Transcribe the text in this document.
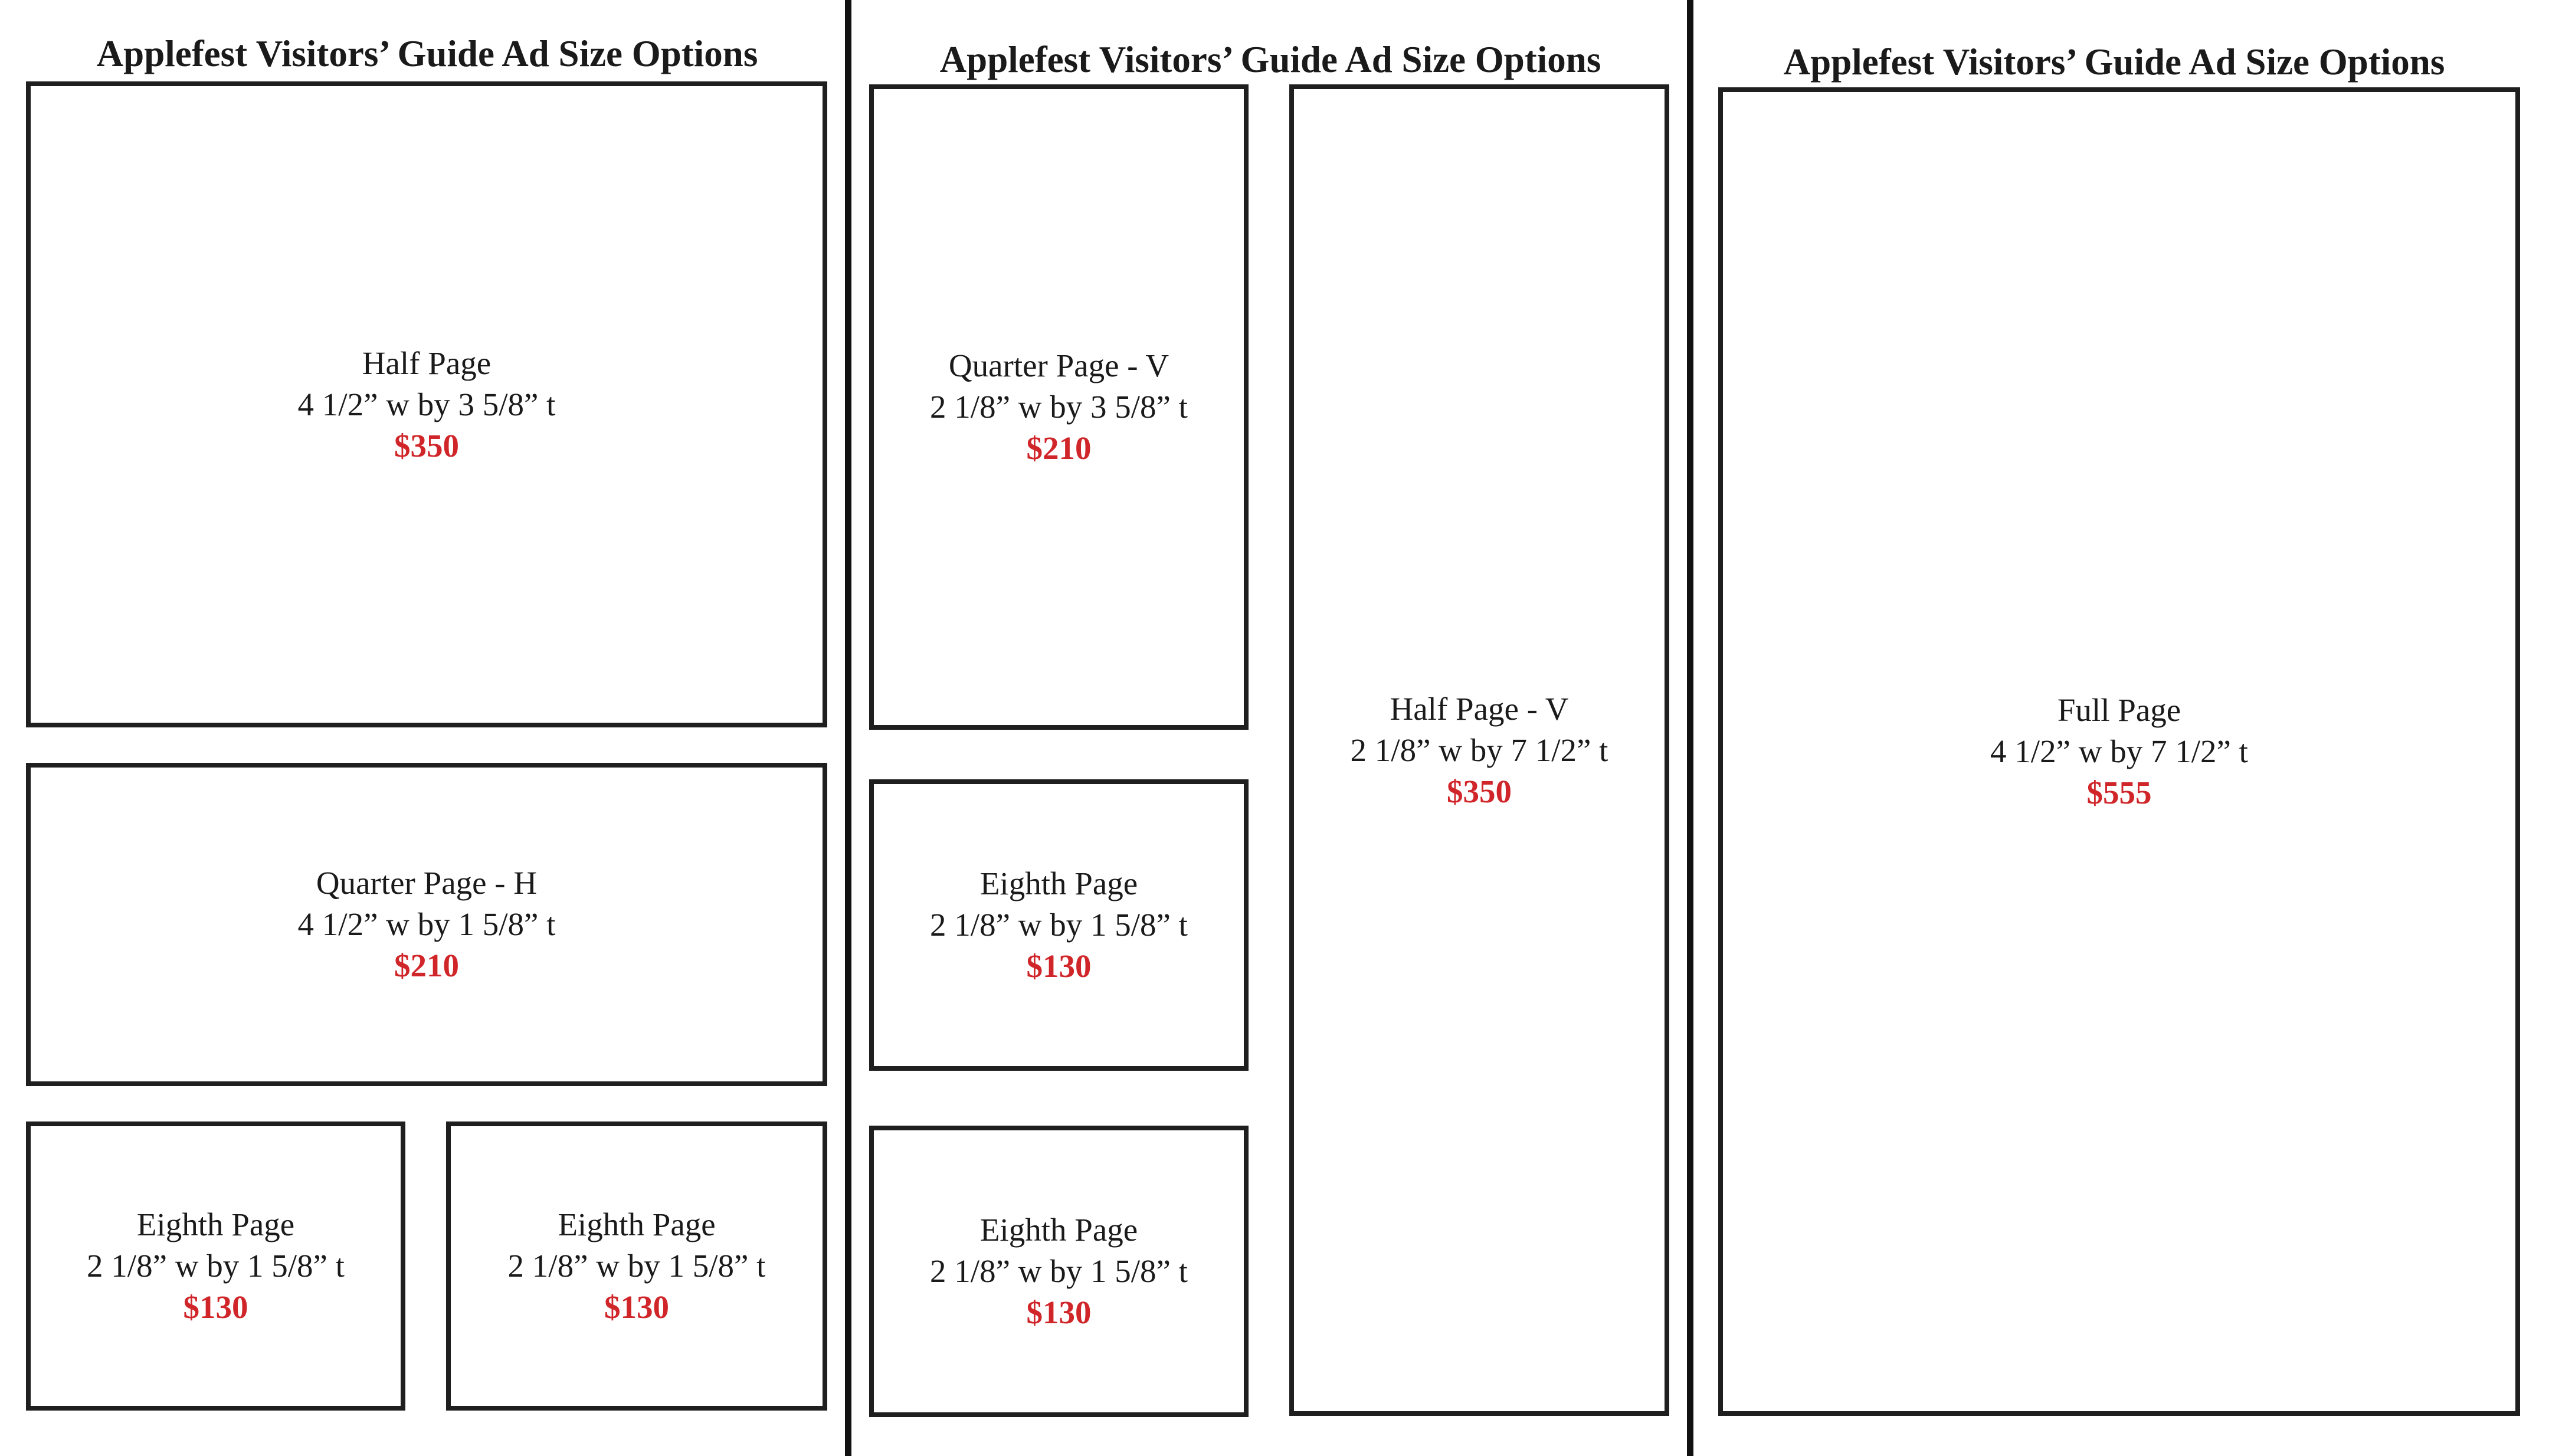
Applefest Visitors’ Guide Ad Size Options
Half Page
4 1/2” w by 3 5/8” t
$350
Quarter Page - H
4 1/2” w by 1 5/8” t
$210
Eighth Page
2 1/8” w by 1 5/8” t
$130
Eighth Page
2 1/8” w by 1 5/8” t
$130
Applefest Visitors’ Guide Ad Size Options
Quarter Page - V
2 1/8” w by 3 5/8” t
$210
Eighth Page
2 1/8” w by 1 5/8” t
$130
Eighth Page
2 1/8” w by 1 5/8” t
$130
Half Page - V
2 1/8” w by 7 1/2” t
$350
Applefest Visitors’ Guide Ad Size Options
Full Page
4 1/2” w by 7 1/2” t
$555
